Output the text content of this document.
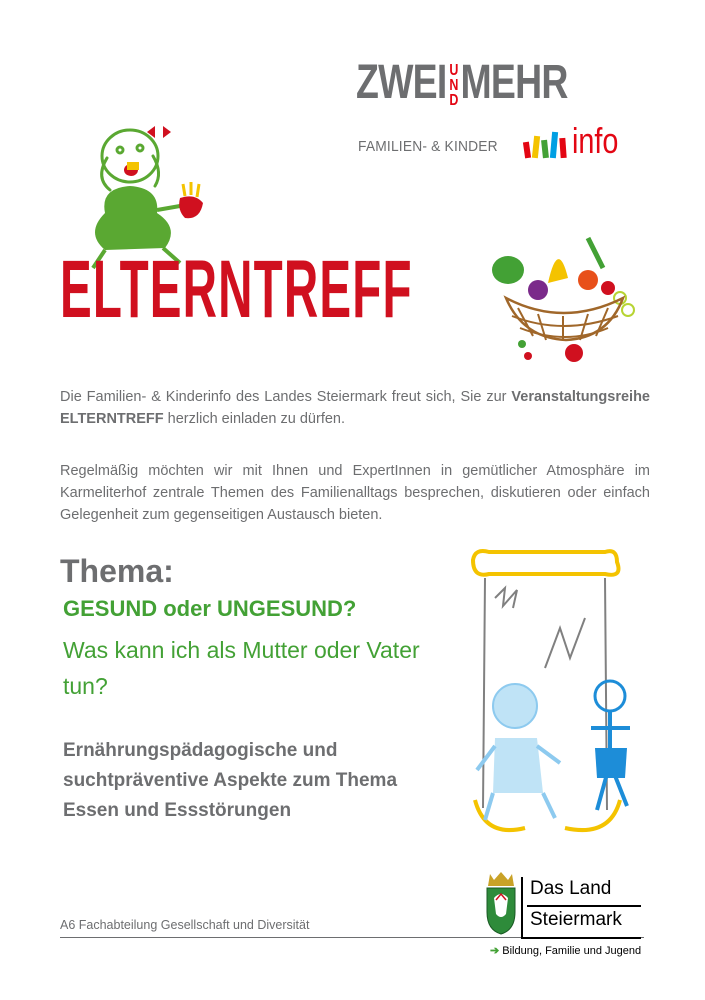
ZWEIUNDMEHR
FAMILIEN- & KINDER info
ELTERNTREFF
Die Familien- & Kinderinfo des Landes Steiermark freut sich, Sie zur Veranstaltungsreihe ELTERNTREFF herzlich einladen zu dürfen.
Regelmäßig möchten wir mit Ihnen und ExpertInnen in gemütlicher Atmosphäre im Karmeliterhof zentrale Themen des Familienalltags besprechen, diskutieren oder einfach Gelegenheit zum gegenseitigen Austausch bieten.
Thema:
GESUND oder UNGESUND?
Was kann ich als Mutter oder Vater tun?
Ernährungspädagogische und suchtpräventive Aspekte zum Thema Essen und Essstörungen
A6 Fachabteilung Gesellschaft und Diversität
Das Land
Steiermark
➔ Bildung, Familie und Jugend
